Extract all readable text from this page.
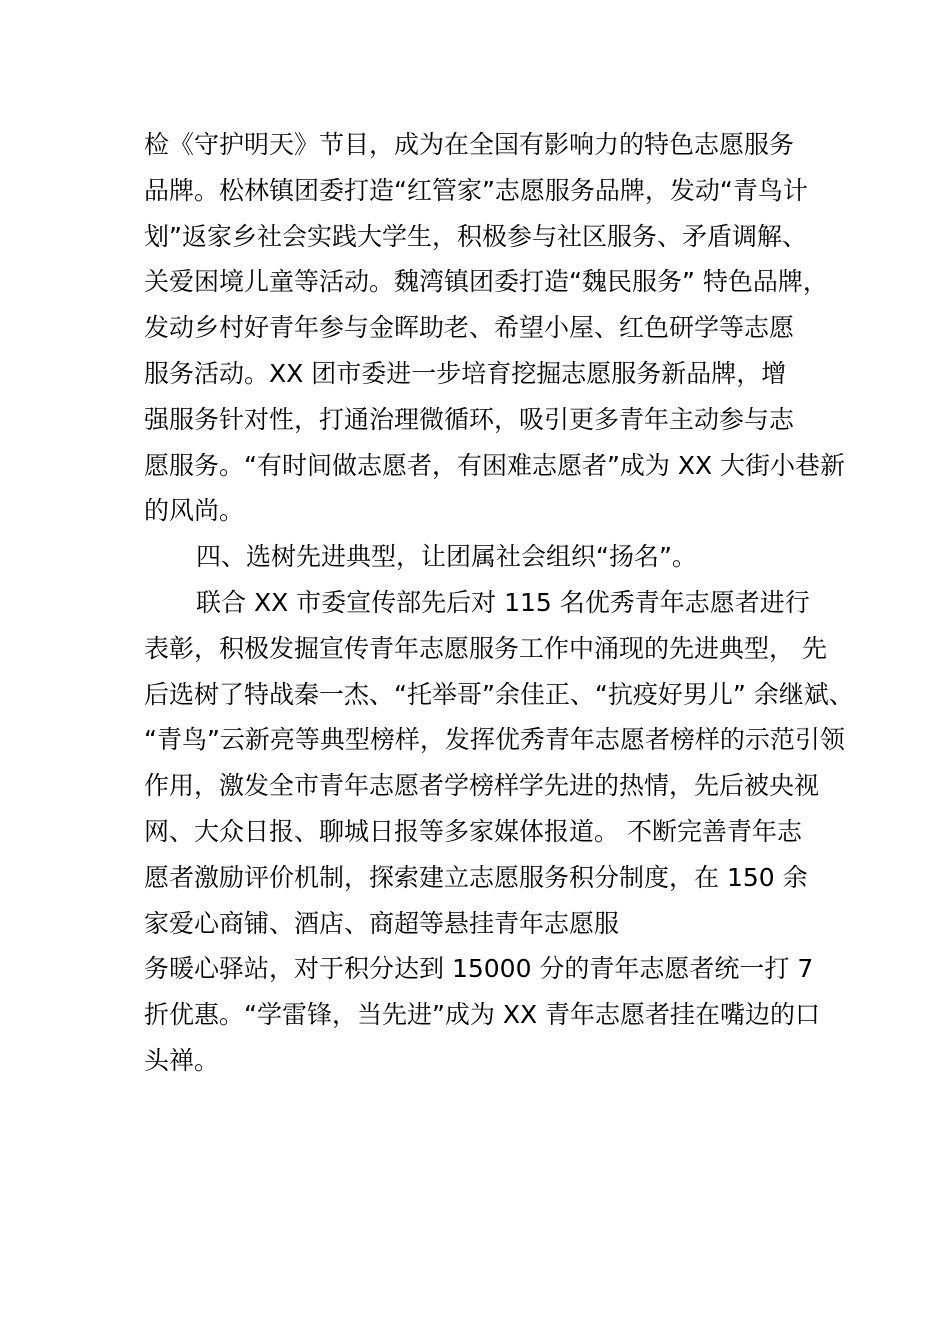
检《守护明天》节目，成为在全国有影响力的特色志愿服务
品牌。松林镇团委打造“红管家”志愿服务品牌，发动“青鸟计
划”返家乡社会实践大学生，积极参与社区服务、矛盾调解、
关爱困境儿童等活动。魏湾镇团委打造“魏民服务” 特色品牌，
发动乡村好青年参与金晖助老、希望小屋、红色研学等志愿
服务活动。XX 团市委进一步培育挖掘志愿服务新品牌，增
强服务针对性，打通治理微循环，吸引更多青年主动参与志
愿服务。“有时间做志愿者，有困难志愿者”成为 XX 大街小巷新
的风尚。
四、选树先进典型，让团属社会组织“扬名”。
联合 XX 市委宣传部先后对 115 名优秀青年志愿者进行
表彰，积极发掘宣传青年志愿服务工作中涌现的先进典型， 先
后选树了特战秦一杰、“托举哥”余佳正、“抗疫好男儿” 余继斌、
“青鸟”云新亮等典型榜样，发挥优秀青年志愿者榜样的示范引领
作用，激发全市青年志愿者学榜样学先进的热情，先后被央视
网、大众日报、聊城日报等多家媒体报道。 不断完善青年志
愿者激励评价机制，探索建立志愿服务积分制度，在 150 余
家爱心商铺、酒店、商超等悬挂青年志愿服
务暖心驿站，对于积分达到 15000 分的青年志愿者统一打 7
折优惠。“学雷锋，当先进”成为 XX 青年志愿者挂在嘴边的口
头禅。
